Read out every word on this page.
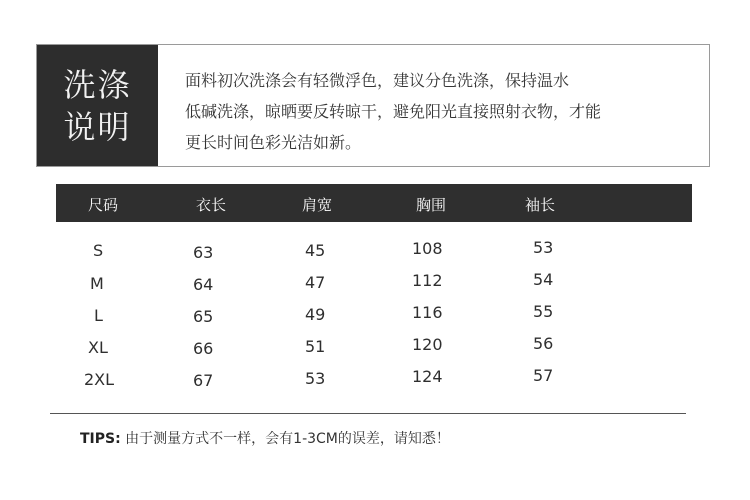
洗涤
说明
面料初次洗涤会有轻微浮色，建议分色洗涤，保持温水
低碱洗涤，晾晒要反转晾干，避免阳光直接照射衣物，才能
更长时间色彩光洁如新。
尺码	衣长	肩宽	胸围	袖长
S	63	45	108	53
M	64	47	112	54
L	65	49	116	55
XL	66	51	120	56
2XL	67	53	124	57
TIPS: 由于测量方式不一样，会有1-3CM的误差，请知悉！
